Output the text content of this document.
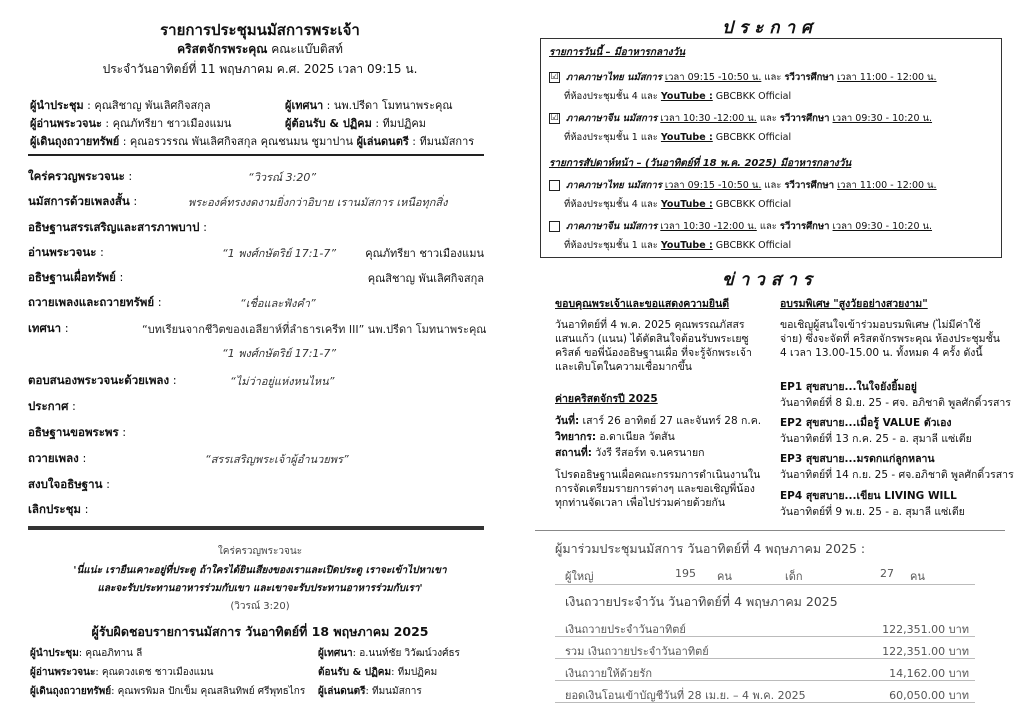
รายการประชุมนมัสการพระเจ้า
คริสตจักรพระคุณ คณะแบ๊บติสท์
ประจำวันอาทิตย์ที่ 11 พฤษภาคม ค.ศ. 2025 เวลา 09:15 น.
ผู้นำประชุม : คุณสิชาญ พันเลิศกิจสกุล	ผู้เทศนา : นพ.ปรีดา โมทนาพระคุณ
ผู้อ่านพระวจนะ : คุณภัทรียา ชาวเมืองแมน	ผู้ต้อนรับ & ปฏิคม : ทีมปฏิคม
ผู้เดินถุงถวายทรัพย์ : คุณอรวรรณ พันเลิศกิจสกุล คุณชนมน ชูมาปาน ผู้เล่นดนตรี : ทีมนมัสการ
ใคร่ครวญพระวจนะ :	“วิวรณ์ 3:20”
นมัสการด้วยเพลงสั้น :	พระองค์ทรงงดงามยิ่งกว่าอิบาย เรานมัสการ เหนือทุกสิ่ง
อธิษฐานสรรเสริญและสารภาพบาป :
อ่านพระวจนะ :	“1 พงศ์กษัตริย์ 17:1-7”	คุณภัทรียา ชาวเมืองแมน
อธิษฐานเผื่อทรัพย์ :	คุณสิชาญ พันเลิศกิจสกุล
ถวายเพลงและถวายทรัพย์ :	“เชื่อและฟังคำ”
เทศนา :	“บทเรียนจากชีวิตของเอลียาห์ที่ลำธารเครีท III” นพ.ปรีดา โมทนาพระคุณ
“1 พงศ์กษัตริย์ 17:1-7”
ตอบสนองพระวจนะด้วยเพลง :	“ไม่ว่าอยู่แห่งหนไหน”
ประกาศ :
อธิษฐานขอพระพร :
ถวายเพลง :	“สรรเสริญพระเจ้าผู้อำนวยพร”
สงบใจอธิษฐาน :
เลิกประชุม :
ใคร่ครวญพระวจนะ
'นี่แน่ะ เรายืนเคาะอยู่ที่ประตู ถ้าใครได้ยินเสียงของเราและเปิดประตู เราจะเข้าไปหาเขา
และจะรับประทานอาหารร่วมกับเขา และเขาจะรับประทานอาหารร่วมกับเรา'
(วิวรณ์ 3:20)
ผู้รับผิดชอบรายการนมัสการ วันอาทิตย์ที่ 18 พฤษภาคม 2025
ผู้นำประชุม: คุณอภิทาน ลี	ผู้เทศนา: อ.นนท์ชัย วิวัฒน์วงศ์ธร
ผู้อ่านพระวจนะ: คุณดวงเดช ชาวเมืองแมน	ต้อนรับ & ปฏิคม: ทีมปฏิคม
ผู้เดินถุงถวายทรัพย์: คุณพรพิมล ปักเข็ม คุณสลินทิพย์ ศรีพุทธไกร ผู้เล่นดนตรี: ทีมนมัสการ
ประกาศ
รายการวันนี้ – มีอาหารกลางวัน
☑ ภาคภาษาไทย นมัสการ เวลา 09:15 -10:50 น. และ รวีวารศึกษา เวลา 11:00 - 12:00 น.
ที่ห้องประชุมชั้น 4 และ YouTube : GBCBKK Official
☑ ภาคภาษาจีน นมัสการ เวลา 10:30 -12:00 น. และ รวีวารศึกษา เวลา 09:30 - 10:20 น.
ที่ห้องประชุมชั้น 1 และ YouTube : GBCBKK Official
รายการสัปดาห์หน้า – (วันอาทิตย์ที่ 18 พ.ค. 2025) มีอาหารกลางวัน
ภาคภาษาไทย นมัสการ เวลา 09:15 -10:50 น. และ รวีวารศึกษา เวลา 11:00 - 12:00 น.
ที่ห้องประชุมชั้น 4 และ YouTube : GBCBKK Official
ภาคภาษาจีน นมัสการ เวลา 10:30 -12:00 น. และ รวีวารศึกษา เวลา 09:30 - 10:20 น.
ที่ห้องประชุมชั้น 1 และ YouTube : GBCBKK Official
ข่าวสาร
ขอบคุณพระเจ้าและขอแสดงความยินดี
วันอาทิตย์ที่ 4 พ.ค. 2025 คุณพรรณภัสสร แสนแก้ว (แนน) ได้ตัดสินใจต้อนรับพระเยซูคริสต์ ขอพี่น้องอธิษฐานเผื่อ ที่จะรู้จักพระเจ้า และเติบโตในความเชื่อมากขึ้น
ค่ายคริสตจักรปี 2025
วันที่: เสาร์ 26 อาทิตย์ 27 และจันทร์ 28 ก.ค.
วิทยากร: อ.ดาเนียล วัตสัน
สถานที่: วังรี รีสอร์ท จ.นครนายก
โปรดอธิษฐานเผื่อคณะกรรมการดำเนินงานในการจัดเตรียมรายการต่างๆ และขอเชิญพี่น้องทุกท่านจัดเวลา เพื่อไปร่วมค่ายด้วยกัน
อบรมพิเศษ "สูงวัยอย่างสวยงาม"
ขอเชิญผู้สนใจเข้าร่วมอบรมพิเศษ (ไม่มีค่าใช้จ่าย) ซึ่งจะจัดที่ คริสตจักรพระคุณ ห้องประชุมชั้น 4 เวลา 13.00-15.00 น. ทั้งหมด 4 ครั้ง ดังนี้
EP1 สุขสบาย...ในใจยังยิ้มอยู่
วันอาทิตย์ที่ 8 มิ.ย. 25 - ศจ. อภิชาติ พูลศักดิ์วรสาร
EP2 สุขสบาย...เมื่อรู้ VALUE ตัวเอง
วันอาทิตย์ที่ 13 ก.ค. 25 - อ. สุมาลี แซ่เตีย
EP3 สุขสบาย...มรดกแก่ลูกหลาน
วันอาทิตย์ที่ 14 ก.ย. 25 - ศจ.อภิชาติ พูลศักดิ์วรสาร
EP4 สุขสบาย...เขียน LIVING WILL
วันอาทิตย์ที่ 9 พ.ย. 25 - อ. สุมาลี แซ่เตีย
ผู้มาร่วมประชุมนมัสการ วันอาทิตย์ที่ 4 พฤษภาคม 2025 :
ผู้ใหญ่	195 คน	เด็ก	27 คน
เงินถวายประจำวัน วันอาทิตย์ที่ 4 พฤษภาคม 2025
เงินถวายประจำวันอาทิตย์	122,351.00 บาท
รวม เงินถวายประจำวันอาทิตย์	122,351.00 บาท
เงินถวายให้ด้วยรัก	14,162.00 บาท
ยอดเงินโอนเข้าบัญชีวันที่ 28 เม.ย. – 4 พ.ค. 2025	60,050.00 บาท
